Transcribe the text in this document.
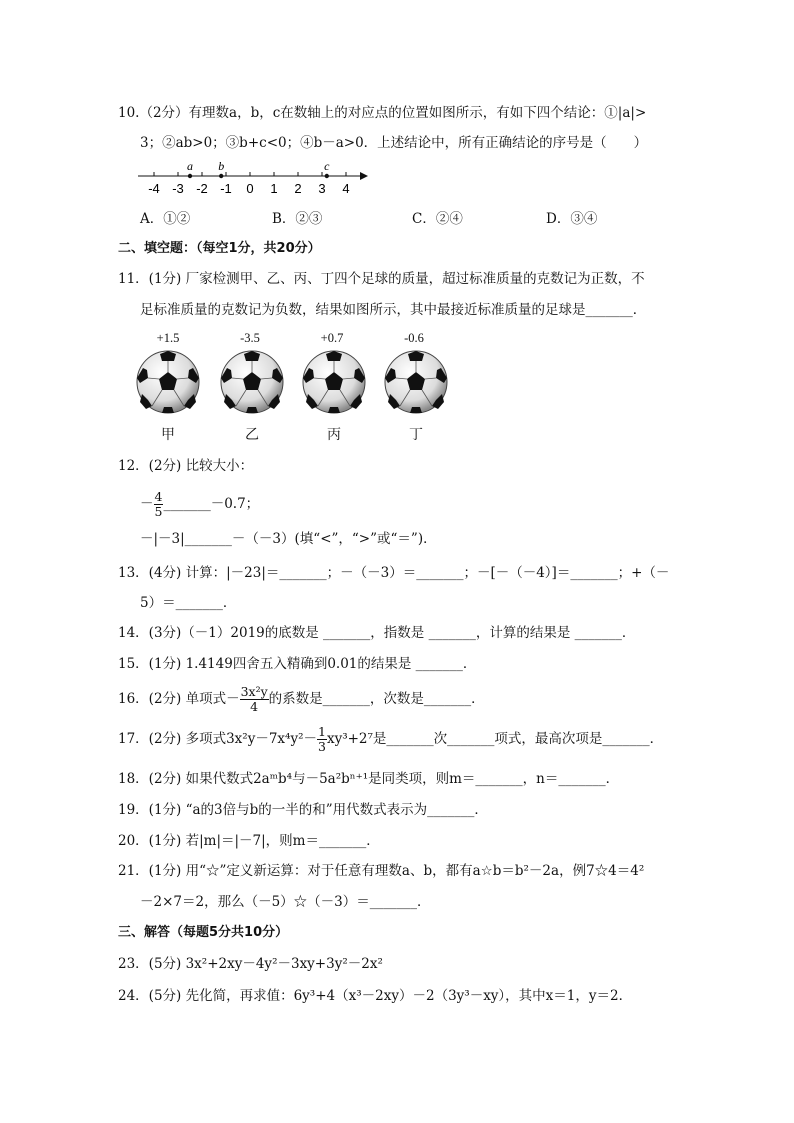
10.（2分）有理数a，b，c在数轴上的对应点的位置如图所示，有如下四个结论：①|a|>
3；②ab>0；③b+c<0；④b－a>0．上述结论中，所有正确结论的序号是（　　）
-4 -3 -2 -1 0 1 2 3 4
a b	c
A．①②	B．②③	C．②④	D．③④
二、填空题：（每空1分，共20分）
11．(1分) 厂家检测甲、乙、丙、丁四个足球的质量，超过标准质量的克数记为正数，不
足标准质量的克数记为负数，结果如图所示，其中最接近标准质量的足球是_______．
+1.5
甲
-3.5
乙
+0.7
丙
-0.6
丁
12．(2分) 比较大小：
－ $\frac{4}{5}$ _______－0.7；
－|－3|_______－（－3）(填“<”，“>”或“＝”)．
13．(4分) 计算：|－23|＝_______；－（－3）＝_______；－[－（－4）]＝_______；+（－
5）＝_______．
14．(3分)（－1）2019的底数是 _______，指数是 _______，计算的结果是 _______．
15．(1分) 1.4149四舍五入精确到0.01的结果是 _______．
16．(2分) 单项式－ $\frac{\text{3x²y}}{4}$ 的系数是_______，次数是_______．
17．(2分) 多项式$3x^2y-7x^4y^2- \frac{1}{3} xy^3+2^7$是_______次_______项式，最高次项是_______．
18．(2分) 如果代数式2aᵐb⁴与－5a²bⁿ⁺¹是同类项，则m＝_______，n＝_______．
19．(1分) “a的3倍与b的一半的和”用代数式表示为_______．
20．(1分) 若|m|＝|－7|，则m＝_______．
21．(1分) 用“☆”定义新运算：对于任意有理数a、b，都有a☆b＝b²－2a，例7☆4＝4²
－2×7＝2，那么（－5）☆（－3）＝_______．
三、解答（每题5分共10分）
23．(5分) 3x²+2xy－4y²－3xy+3y²－2x²
24．(5分) 先化简，再求值：6y³+4（x³－2xy）－2（3y³－xy），其中x＝1，y＝2．
